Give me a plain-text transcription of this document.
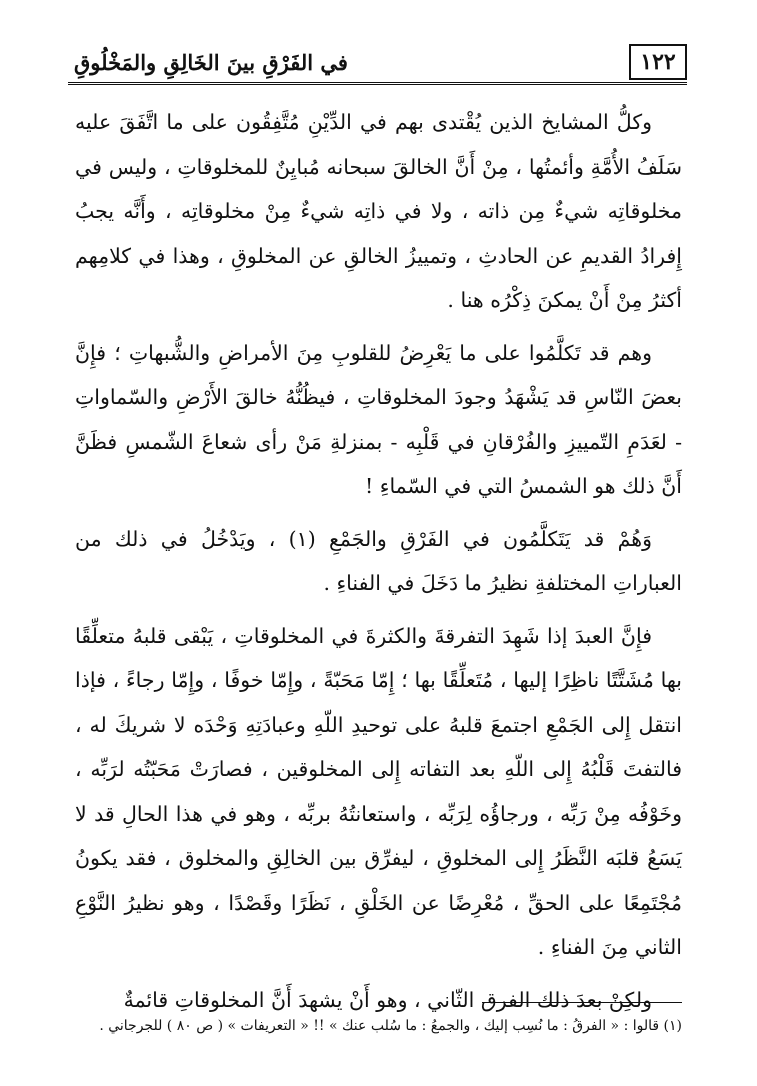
١٢٢
في الفَرْقِ بينَ الخَالِقِ والمَخْلُوقِ

وكلُّ المشايخ الذين يُقْتدى بهم في الدِّيْنِ مُتَّفِقُون على ما اتَّفَقَ عليه سَلَفُ الأُمَّةِ وأئمتُها ، مِنْ أَنَّ الخالقَ سبحانه مُبايِنٌ للمخلوقاتِ ، وليس في مخلوقاتِه شيءٌ مِن ذاته ، ولا في ذاتِه شيءٌ مِنْ مخلوقاتِه ، وأَنَّه يجبُ إِفرادُ القديمِ عن الحادثِ ، وتمييزُ الخالقِ عن المخلوقِ ، وهذا في كلامِهم أكثرُ مِنْ أَنْ يمكنَ ذِكْرُه هنا .

وهم قد تَكلَّمُوا على ما يَعْرِضُ للقلوبِ مِنَ الأمراضِ والشُّبهاتِ ؛ فإِنَّ بعضَ النّاسِ قد يَشْهَدُ وجودَ المخلوقاتِ ، فيظُنُّهُ خالقَ الأَرْضِ والسّماواتِ - لعَدَمِ التّمييزِ والفُرْقانِ في قَلْبِه - بمنزلةِ مَنْ رأى شعاعَ الشّمسِ فظَنَّ أَنَّ ذلك هو الشمسُ التي في السّماءِ !

وَهُمْ قد يَتَكلَّمُون في الفَرْقِ والجَمْعِ (١) ، ويَدْخُلُ في ذلك من العباراتِ المختلفةِ نظيرُ ما دَخَلَ في الفناءِ .

فإِنَّ العبدَ إذا شَهِدَ التفرقةَ والكثرةَ في المخلوقاتِ ، يَبْقى قلبهُ متعلِّقًا بها مُشَتَّتًا ناظِرًا إليها ، مُتَعلِّقًا بها ؛ إِمّا مَحَبّةً ، وإِمّا خوفًا ، وإِمّا رجاءً ، فإذا انتقل إِلى الجَمْعِ اجتمعَ قلبهُ على توحيدِ اللّهِ وعبادَتِهِ وَحْدَه لا شريكَ له ، فالتفتَ قَلْبُهُ إِلى اللّهِ بعد التفاته إِلى المخلوقين ، فصارَتْ مَحَبّتُه لرَبِّه ، وخَوْفُه مِنْ رَبِّه ، ورجاؤُه لِرَبِّه ، واستعانتُهُ بربِّه ، وهو في هذا الحالِ قد لا يَسَعُ قلبَه النَّظَرُ إِلى المخلوقِ ، ليفرِّق بين الخالِقِ والمخلوق ، فقد يكونُ مُجْتَمِعًا على الحقِّ ، مُعْرِضًا عن الخَلْقِ ، نَظَرًا وقَصْدًا ، وهو نظيرُ النَّوْعِ الثاني مِنَ الفناءِ .

ولكِنْ بعدَ ذلك الفرق الثّاني ، وهو أَنْ يشهدَ أَنَّ المخلوقاتِ قائمةٌ

(١) قالوا : « الفرقُ : ما نُسِب إليك ، والجمعُ : ما سُلب عنك » !! « التعريفات » ( ص ٨٠ ) للجرجاني .
